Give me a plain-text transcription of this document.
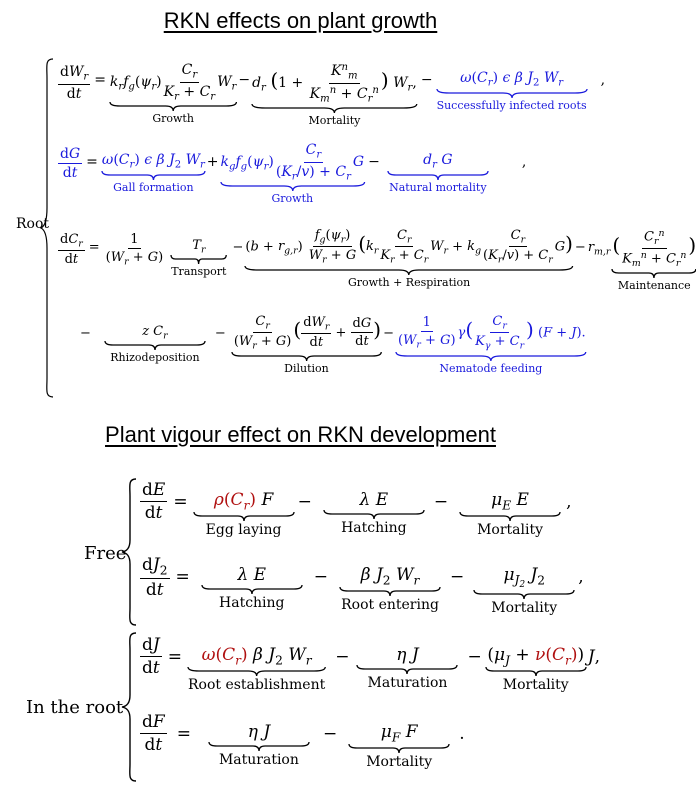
RKN effects on plant growth
Plant vigour effect on RKN development
Root
$\frac{dW_r}{dt} = k_rf_g(\psi_r) \frac{C_r}{K_r + C_r} W_r$
Growth
− $d_r$ ($1 + \frac{K^n_m}{K_m^n + C_r^n}$ ) $W_r$,
Mortality
− $\omega(C_r)$ ϵ β $J_2$ $W_r$
Successfully infected roots
,
$\frac{dG}{dt} = \omega(C_r)$ ϵ β $J_2$ $W_r$
Gall formation
+ $k_gf_g(\psi_r) \frac{C_r}{(K_r/v) + C_r}$ G
Growth
−	$d_r$ G
Natural mortality
,
$\frac{dC_r}{dt} = \frac{1}{(W_r + G)} T_r$
Transport
− $(b + r_{g,r}) \frac{f_g(\psi_r)}{W_r + G} (k_r \frac{C_r}{K_r + C_r} W_r + k_g \frac{C_r}{(K_r/v) + C_r} G)$
Growth + Respiration
− $r_{m,r}$ ( $\frac{C_r^n}{K_m^n + C_r^n}$ )
Maintenance
−	z $C_r$
Rhizodeposition
− $\frac{C_r}{(W_r + G)}$ ( $\frac{dW_r}{dt} + \frac{dG}{dt}$ )
Dilution
− $\frac{1}{(W_r + G)} \gamma( \frac{C_r}{K_\gamma + C_r}$ ) (F + J).
Nematode feeding
Free
In the root
$\frac{dE}{dt} = \rho(C_r)$ F
Egg laying
−	λ E
Hatching
−	$\mu_E$ E
Mortality
,
$\frac{dJ_2}{dt}$ =	λ E
Hatching
− β $J_2$ $W_r$
Root entering
− $\mu_{J_2}$ $J_2$
Mortality
,
$\frac{dJ}{dt} = \omega(C_r)$ β $J_2$ $W_r$
Root establishment
−	η J
Maturation
− $(\mu_J + \nu(C_r))$
Mortality
J,
$\frac{dF}{dt}$ =	η J
Maturation
−	$\mu_F$ F
Mortality
.
